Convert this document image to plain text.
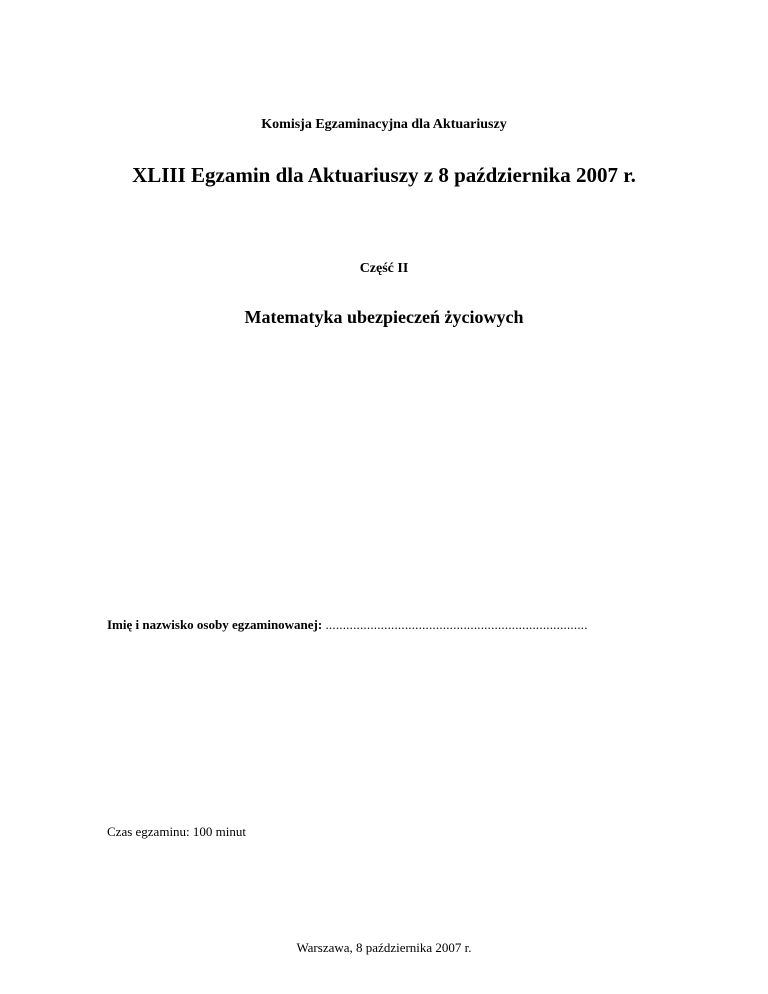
Komisja Egzaminacyjna dla Aktuariuszy

XLIII Egzamin dla Aktuariuszy z 8 października 2007 r.

Część II

Matematyka ubezpieczeń życiowych

Imię i nazwisko osoby egzaminowanej: ............................................................................

Czas egzaminu: 100 minut

Warszawa, 8 października 2007 r.
